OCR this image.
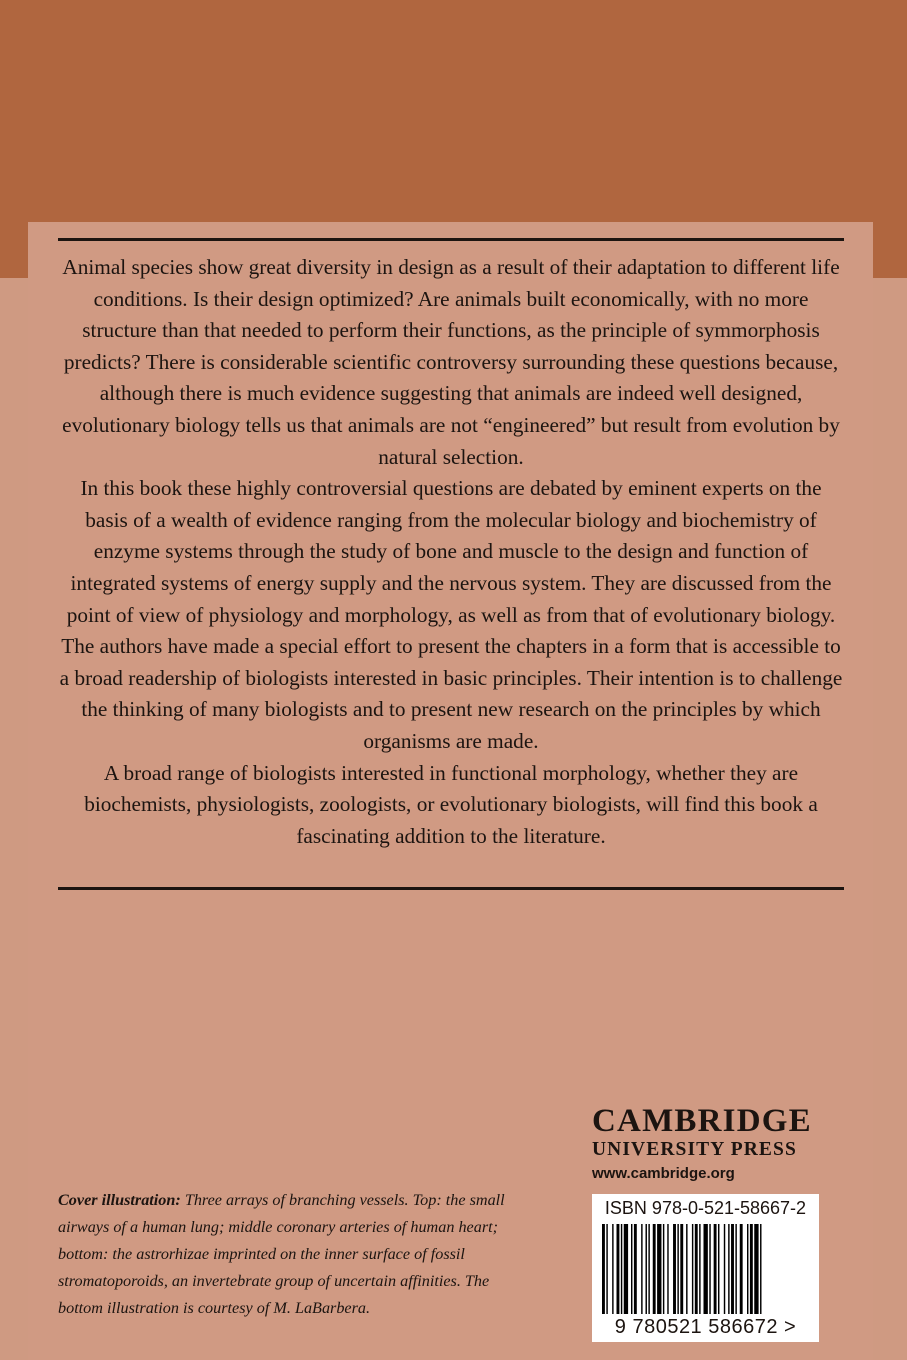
Animal species show great diversity in design as a result of their adaptation to different life conditions. Is their design optimized? Are animals built economically, with no more structure than that needed to perform their functions, as the principle of symmorphosis predicts? There is considerable scientific controversy surrounding these questions because, although there is much evidence suggesting that animals are indeed well designed, evolutionary biology tells us that animals are not “engineered” but result from evolution by natural selection.

In this book these highly controversial questions are debated by eminent experts on the basis of a wealth of evidence ranging from the molecular biology and biochemistry of enzyme systems through the study of bone and muscle to the design and function of integrated systems of energy supply and the nervous system. They are discussed from the point of view of physiology and morphology, as well as from that of evolutionary biology.

The authors have made a special effort to present the chapters in a form that is accessible to a broad readership of biologists interested in basic principles. Their intention is to challenge the thinking of many biologists and to present new research on the principles by which organisms are made.

A broad range of biologists interested in functional morphology, whether they are biochemists, physiologists, zoologists, or evolutionary biologists, will find this book a fascinating addition to the literature.

Cover illustration: Three arrays of branching vessels. Top: the small airways of a human lung; middle coronary arteries of human heart; bottom: the astrorhizae imprinted on the inner surface of fossil stromatoporoids, an invertebrate group of uncertain affinities. The bottom illustration is courtesy of M. LaBarbera.
CAMBRIDGE
UNIVERSITY PRESS
www.cambridge.org
ISBN 978-0-521-58667-2
9 780521 586672 >
